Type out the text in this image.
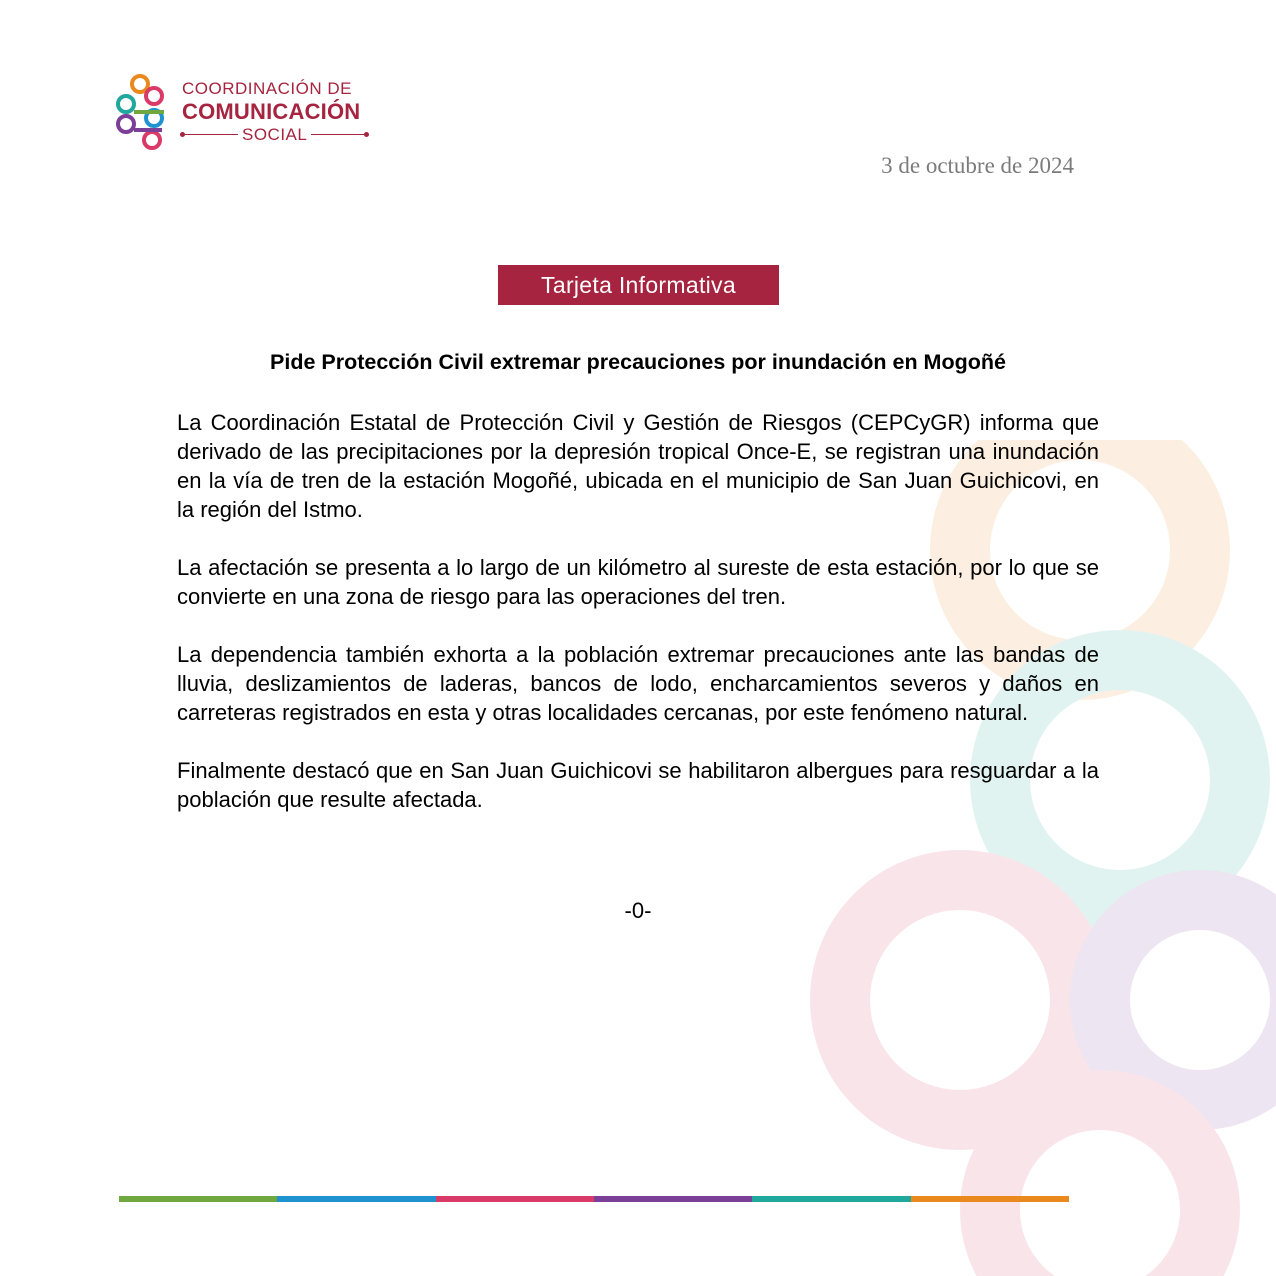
COORDINACIÓN DE
COMUNICACIÓN
SOCIAL
3 de octubre de 2024
Tarjeta Informativa
Pide Protección Civil extremar precauciones por inundación en Mogoñé

La Coordinación Estatal de Protección Civil y Gestión de Riesgos (CEPCyGR) informa que derivado de las precipitaciones por la depresión tropical Once-E, se registran una inundación en la vía de tren de la estación Mogoñé, ubicada en el municipio de San Juan Guichicovi, en la región del Istmo.

La afectación se presenta a lo largo de un kilómetro al sureste de esta estación, por lo que se convierte en una zona de riesgo para las operaciones del tren.

La dependencia también exhorta a la población extremar precauciones ante las bandas de lluvia, deslizamientos de laderas, bancos de lodo, encharcamientos severos y daños en carreteras registrados en esta y otras localidades cercanas, por este fenómeno natural.

Finalmente destacó que en San Juan Guichicovi se habilitaron albergues para resguardar a la población que resulte afectada.

-0-
